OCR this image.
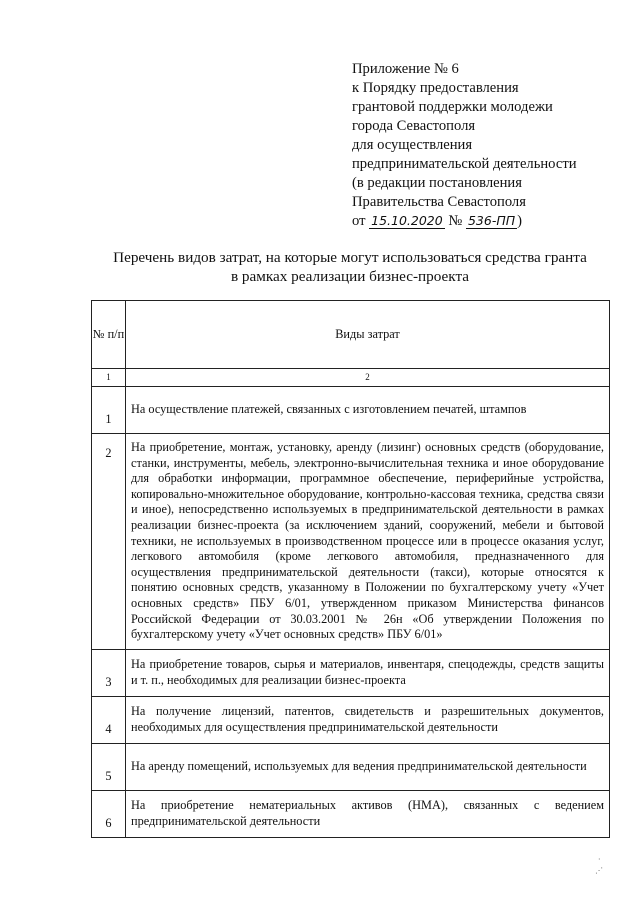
Приложение № 6
к Порядку предоставления
грантовой поддержки молодежи
города Севастополя
для осуществления
предпринимательской деятельности
(в редакции постановления
Правительства Севастополя
от 15.10.2020 № 536-ПП )
Перечень видов затрат, на которые могут использоваться средства гранта
в рамках реализации бизнес-проекта
№ п/п	Виды затрат
1	2
1	На осуществление платежей, связанных с изготовлением печатей, штампов
2	На приобретение, монтаж, установку, аренду (лизинг) основных средств (оборудование, станки, инструменты, мебель, электронно-вычислительная техника и иное оборудование для обработки информации, программное обеспечение, периферийные устройства, копировально-множительное оборудование, контрольно-кассовая техника, средства связи и иное), непосредственно используемых в предпринимательской деятельности в рамках реализации бизнес-проекта (за исключением зданий, сооружений, мебели и бытовой техники, не используемых в производственном процессе или в процессе оказания услуг, легкового автомобиля (кроме легкового автомобиля, предназначенного для осуществления предпринимательской деятельности (такси), которые относятся к понятию основных средств, указанному в Положении по бухгалтерскому учету «Учет основных средств» ПБУ 6/01, утвержденном приказом Министерства финансов Российской Федерации от 30.03.2001 № 26н «Об утверждении Положения по бухгалтерскому учету «Учет основных средств» ПБУ 6/01»
3	На приобретение товаров, сырья и материалов, инвентаря, спецодежды, средств защиты и т. п., необходимых для реализации бизнес-проекта
4	На получение лицензий, патентов, свидетельств и разрешительных документов, необходимых для осуществления предпринимательской деятельности
5	На аренду помещений, используемых для ведения предпринимательской деятельности
6	На приобретение нематериальных активов (НМА), связанных с ведением предпринимательской деятельности
·
⋰
